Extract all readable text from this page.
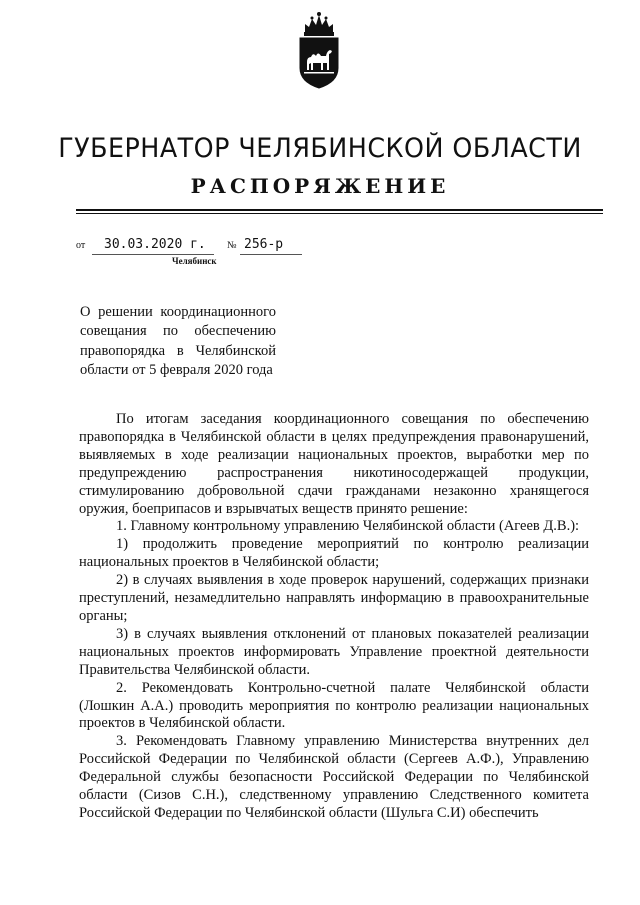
ГУБЕРНАТОР ЧЕЛЯБИНСКОЙ ОБЛАСТИ
РАСПОРЯЖЕНИЕ
от 30.03.2020 г. № 256-р
Челябинск
О решении координационного
совещания по обеспечению
правопорядка в Челябинской
области от 5 февраля 2020 года

По итогам заседания координационного совещания по обеспечению правопорядка в Челябинской области в целях предупреждения правонарушений, выявляемых в ходе реализации национальных проектов, выработки мер по предупреждению распространения никотиносодержащей продукции, стимулированию добровольной сдачи гражданами незаконно хранящегося оружия, боеприпасов и взрывчатых веществ принято решение:

1. Главному контрольному управлению Челябинской области (Агеев Д.В.):

1) продолжить проведение мероприятий по контролю реализации национальных проектов в Челябинской области;

2) в случаях выявления в ходе проверок нарушений, содержащих признаки преступлений, незамедлительно направлять информацию в правоохранительные органы;

3) в случаях выявления отклонений от плановых показателей реализации национальных проектов информировать Управление проектной деятельности Правительства Челябинской области.

2. Рекомендовать Контрольно-счетной палате Челябинской области (Лошкин А.А.) проводить мероприятия по контролю реализации национальных проектов в Челябинской области.

3. Рекомендовать Главному управлению Министерства внутренних дел Российской Федерации по Челябинской области (Сергеев А.Ф.), Управлению Федеральной службы безопасности Российской Федерации по Челябинской области (Сизов С.Н.), следственному управлению Следственного комитета Российской Федерации по Челябинской области (Шульга С.И) обеспечить
